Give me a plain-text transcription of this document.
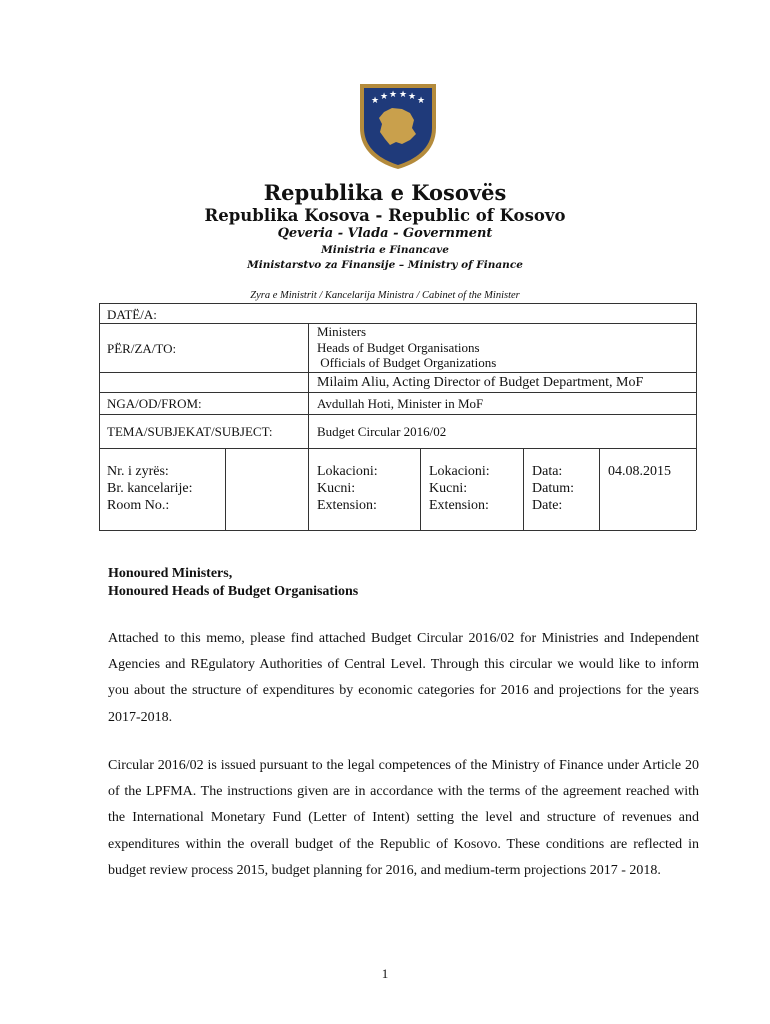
★ ★ ★ ★ ★ ★
Republika e Kosovës
Republika Kosova - Republic of Kosovo
Qeveria - Vlada - Government
Ministria e Financave
Ministarstvo za Finansije – Ministry of Finance
Zyra e Ministrit / Kancelarija Ministra / Cabinet of the Minister
DATË/A:
PËR/ZA/TO:
Ministers
Heads of Budget Organisations
Officials of Budget Organizations
Milaim Aliu, Acting Director of Budget Department, MoF
NGA/OD/FROM:	Avdullah Hoti, Minister in MoF
TEMA/SUBJEKAT/SUBJECT:	Budget Circular 2016/02
Nr. i zyrës:
Br. kancelarije:
Room No.:
Lokacioni:
Kucni:
Extension:
Lokacioni:
Kucni:
Extension:
Data:
Datum:
Date:
04.08.2015
Honoured Ministers,
Honoured Heads of Budget Organisations
Attached to this memo, please find attached Budget Circular 2016/02 for Ministries and Independent Agencies and REgulatory Authorities of Central Level. Through this circular we would like to inform you about the structure of expenditures by economic categories for 2016 and projections for the years 2017-2018.
Circular 2016/02 is issued pursuant to the legal competences of the Ministry of Finance under Article 20 of the LPFMA. The instructions given are in accordance with the terms of the agreement reached with the International Monetary Fund (Letter of Intent) setting the level and structure of revenues and expenditures within the overall budget of the Republic of Kosovo. These conditions are reflected in budget review process 2015, budget planning for 2016, and medium-term projections 2017 - 2018.
1
